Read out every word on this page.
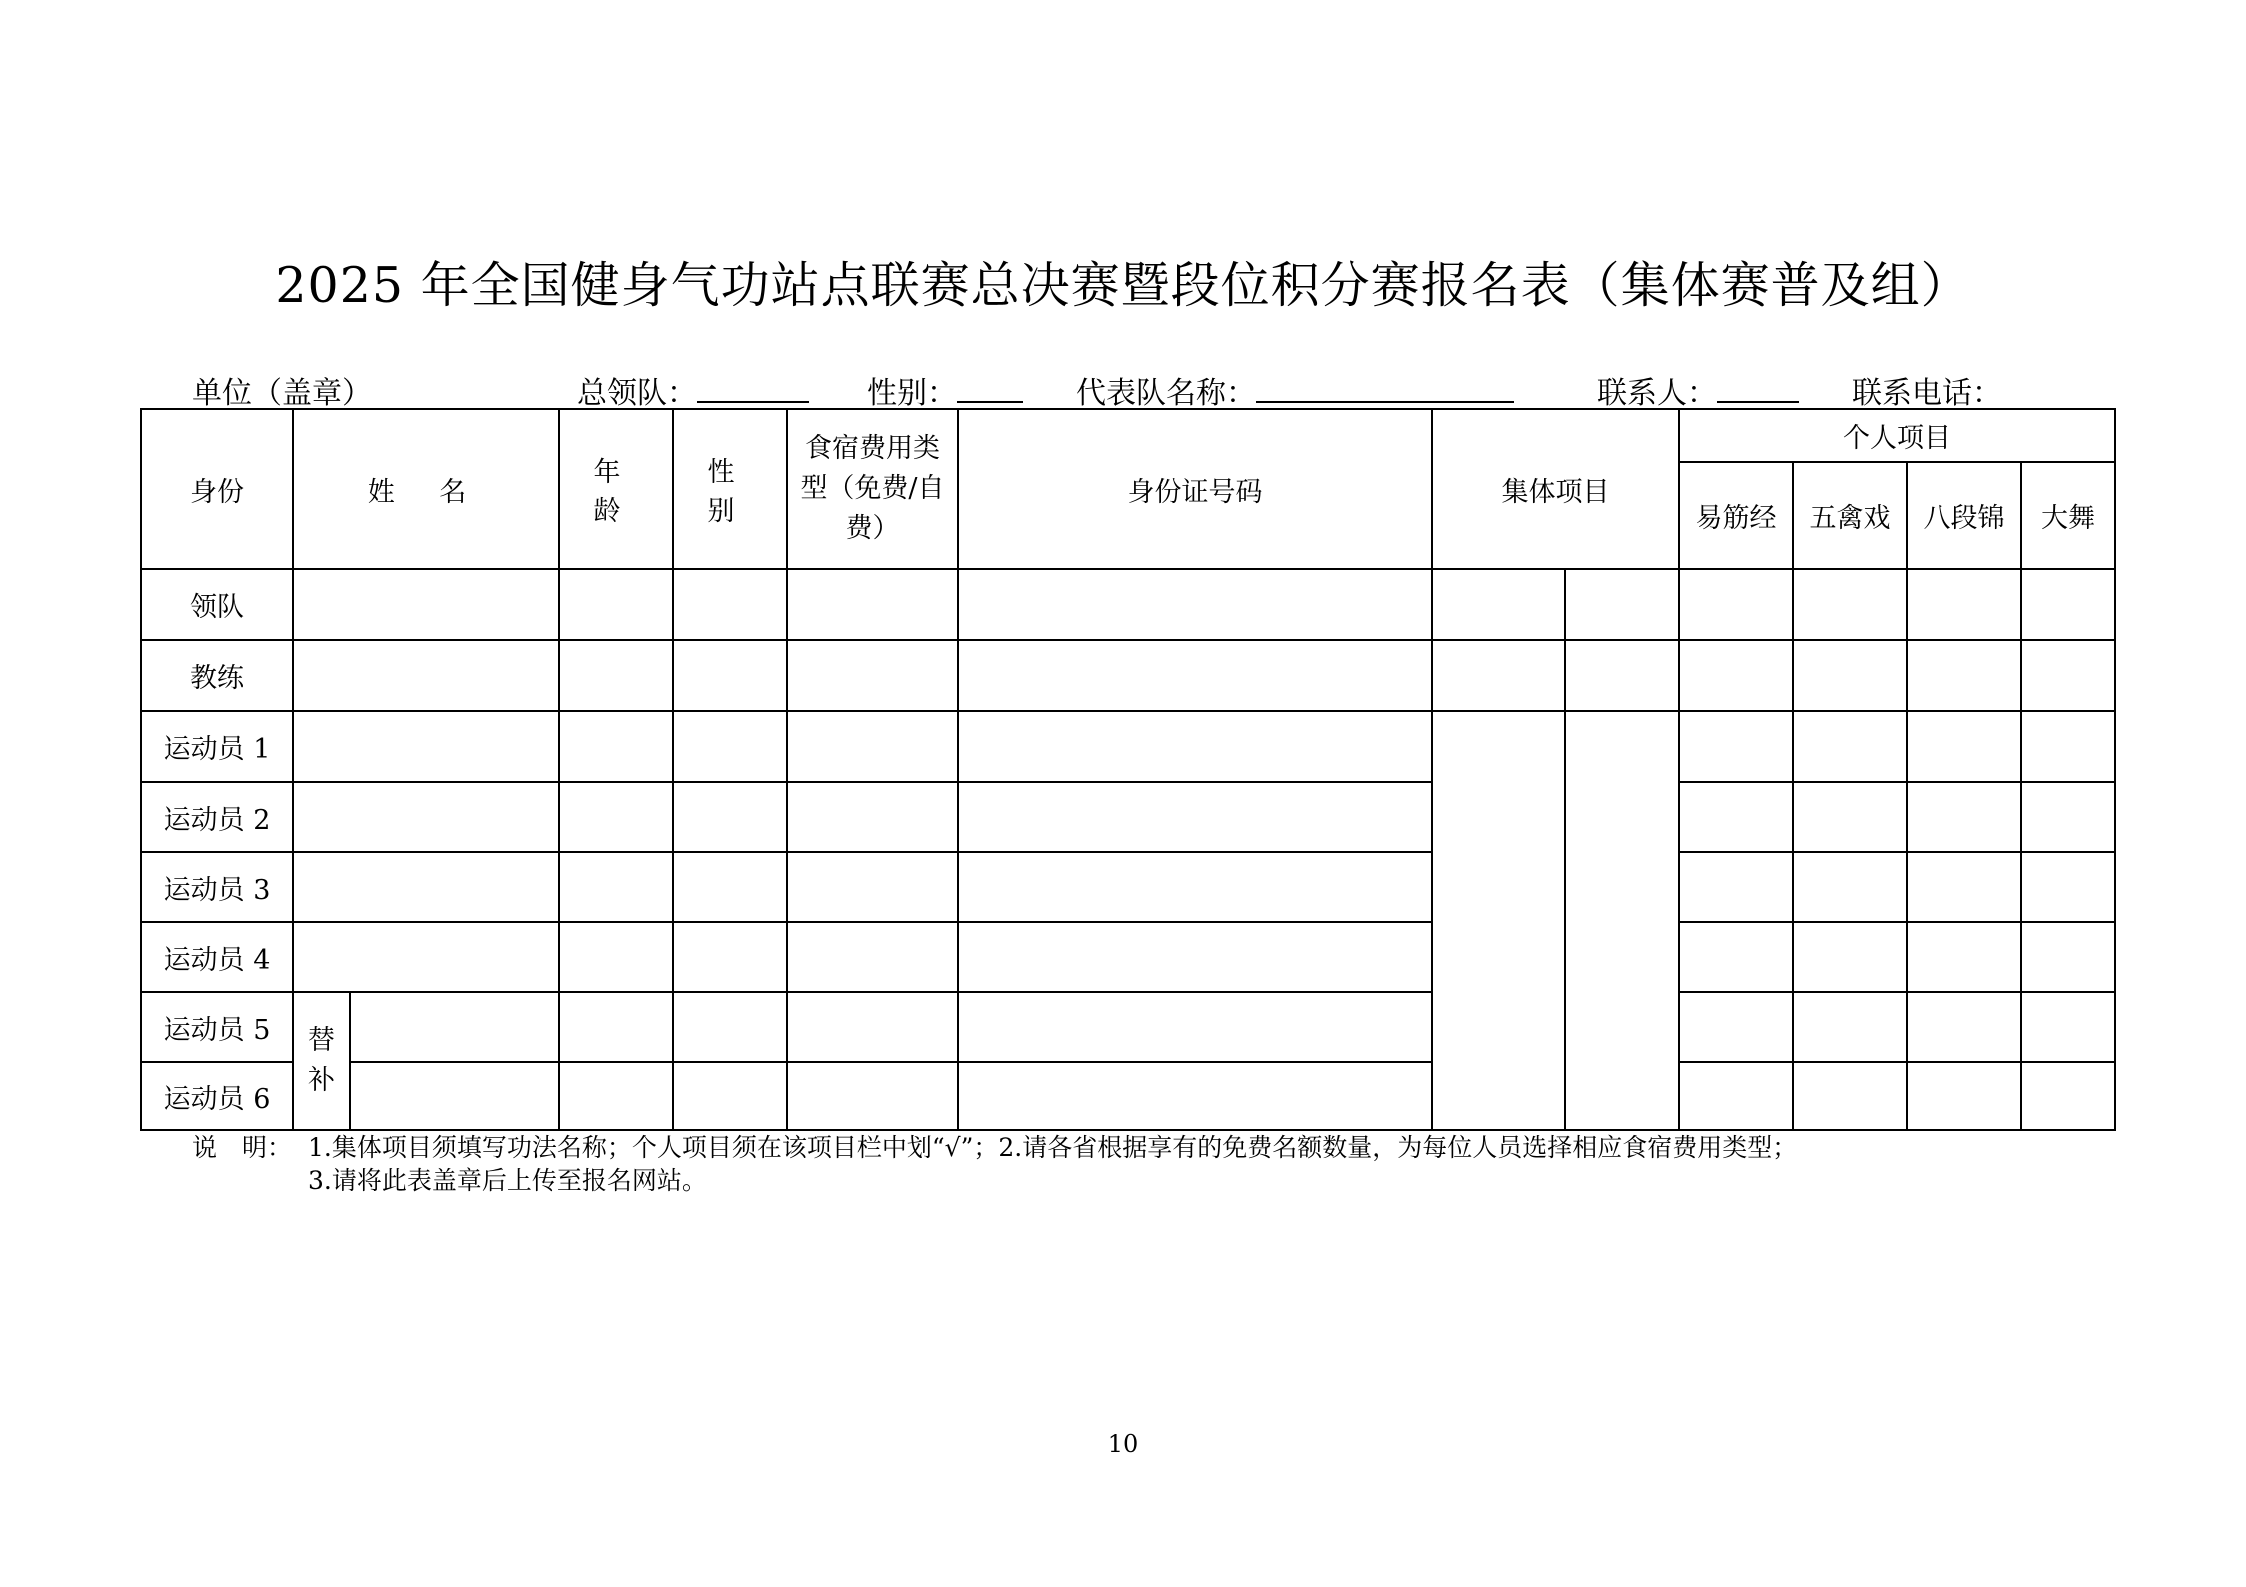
2025 年全国健身气功站点联赛总决赛暨段位积分赛报名表（集体赛普及组）
单位（盖章）	总领队：	性别：	代表队名称：	联系人：	联系电话：
身份	姓 名		年 龄	性 别	食宿费用类型（免费/自费）	身份证号码	集体项目		个人项目			
									易筋经	五禽戏	八段锦	大舞
领队												
教练												
运动员 1												
运动员 2												
运动员 3												
运动员 4												
运动员 5	替补											
运动员 6												
说　明： 1.集体项目须填写功法名称；个人项目须在该项目栏中划“√”；2.请各省根据享有的免费名额数量，为每位人员选择相应食宿费用类型；
3.请将此表盖章后上传至报名网站。
10
